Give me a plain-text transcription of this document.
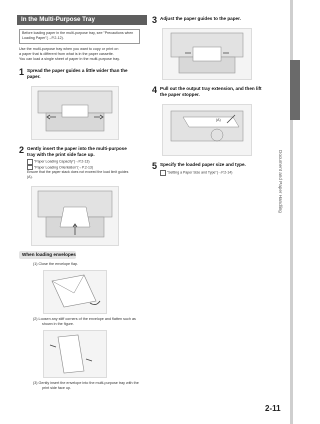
Document and Paper Handling
In the Multi-Purpose Tray
Before loading paper in the multi-purpose tray, see "Precautions when Loading Paper"(→P.2-12).
Use the multi-purpose tray when you want to copy or print on
a paper that is different from what is in the paper cassette.
You can load a single sheet of paper in the multi-purpose tray.
1 Spread the paper guides a little wider than the
paper.
2 Gently insert the paper into the multi-purpose
tray with the print side face up.
"Paper Loading Capacity"(→P.2-13)
"Paper Loading Orientation"(→P.2-13)
Ensure that the paper stack does not exceed the load limit guides
(A).
When loading envelopes
(1) Close the envelope flap.
(2) Loosen any stiff corners of the envelope and flatten such as
shown in the figure.
(3) Gently insert the envelope into the multi-purpose tray with the
print side face up.
3 Adjust the paper guides to the paper.
4 Pull out the output tray extension, and then lift
the paper stopper.
(A)
5 Specify the loaded paper size and type.
"Setting a Paper Size and Type"(→P.2-14)
2-11
